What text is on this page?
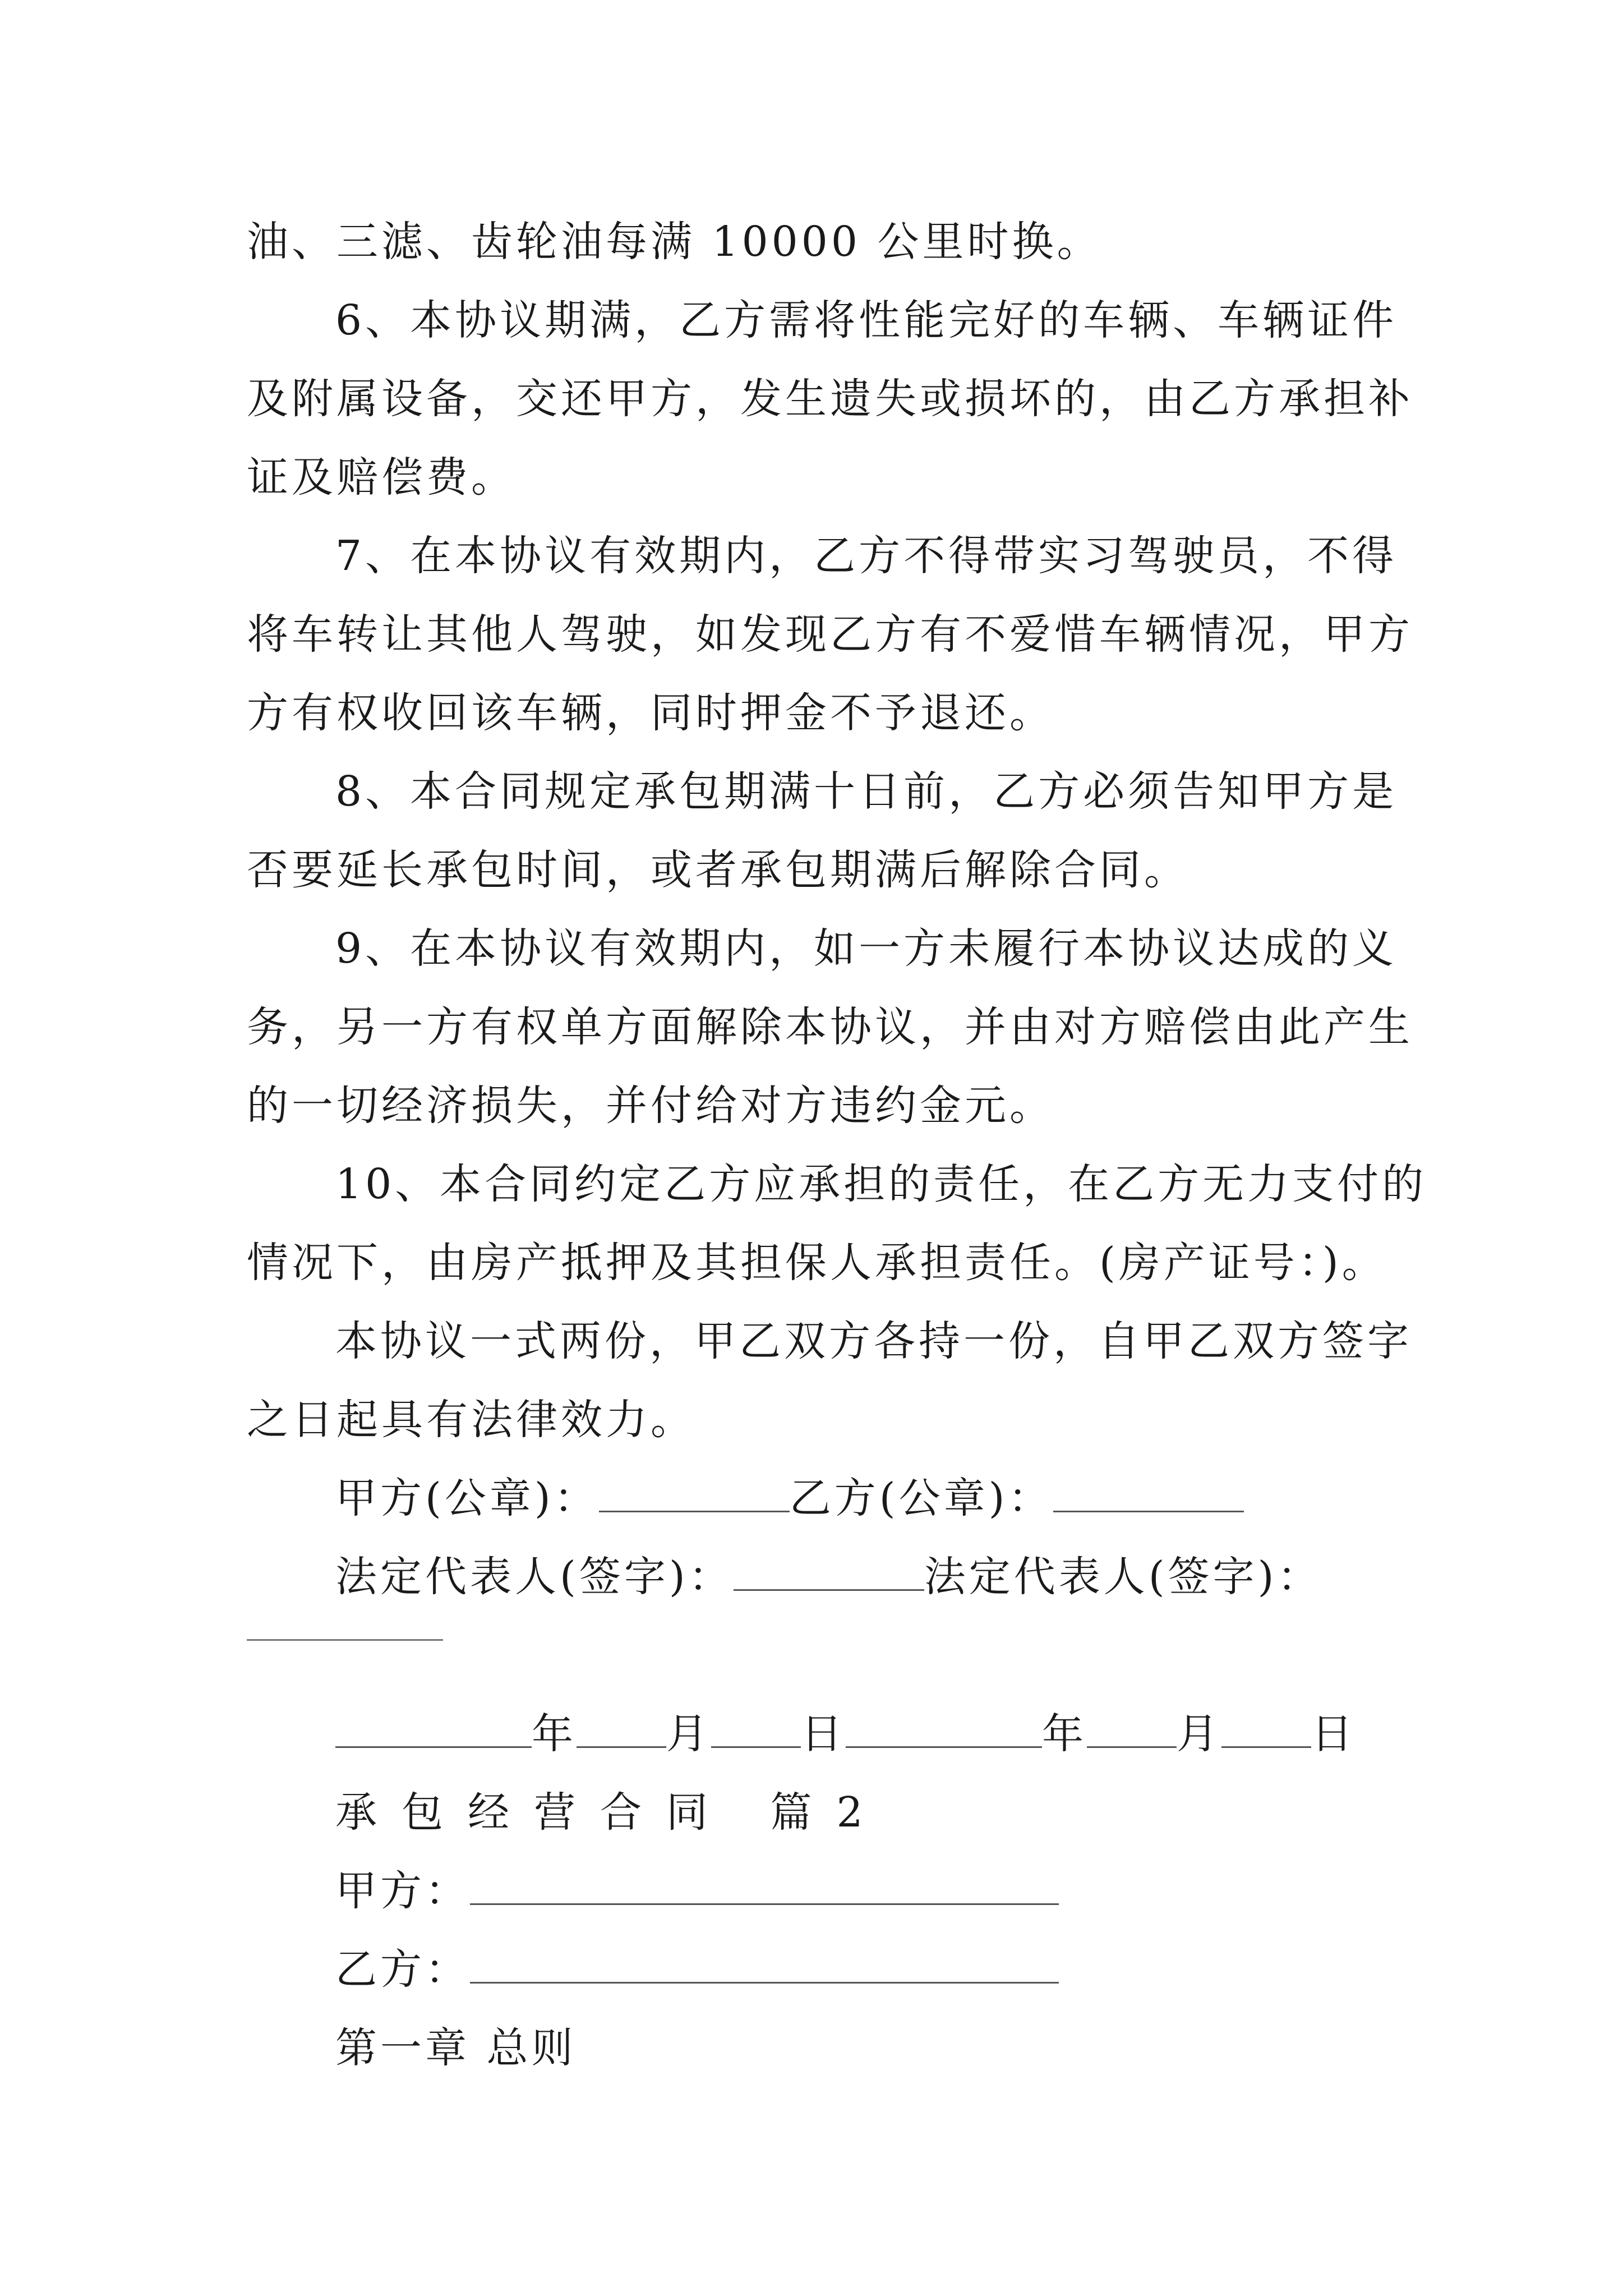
油、三滤、齿轮油每满 10000 公里时换。
6、本协议期满，乙方需将性能完好的车辆、车辆证件
及附属设备，交还甲方，发生遗失或损坏的，由乙方承担补
证及赔偿费。
7、在本协议有效期内，乙方不得带实习驾驶员，不得
将车转让其他人驾驶，如发现乙方有不爱惜车辆情况，甲方
方有权收回该车辆，同时押金不予退还。
8、本合同规定承包期满十日前，乙方必须告知甲方是
否要延长承包时间，或者承包期满后解除合同。
9、在本协议有效期内，如一方未履行本协议达成的义
务，另一方有权单方面解除本协议，并由对方赔偿由此产生
的一切经济损失，并付给对方违约金元。
10、本合同约定乙方应承担的责任，在乙方无力支付的
情况下，由房产抵押及其担保人承担责任。(房产证号：)。
本协议一式两份，甲乙双方各持一份，自甲乙双方签字
之日起具有法律效力。
甲方(公章)：	乙方(公章)：
法定代表人(签字)：	法定代表人(签字)：
年 月 日	年 月 日
承包经营合同 篇2
甲方：
乙方：
第一章 总则
